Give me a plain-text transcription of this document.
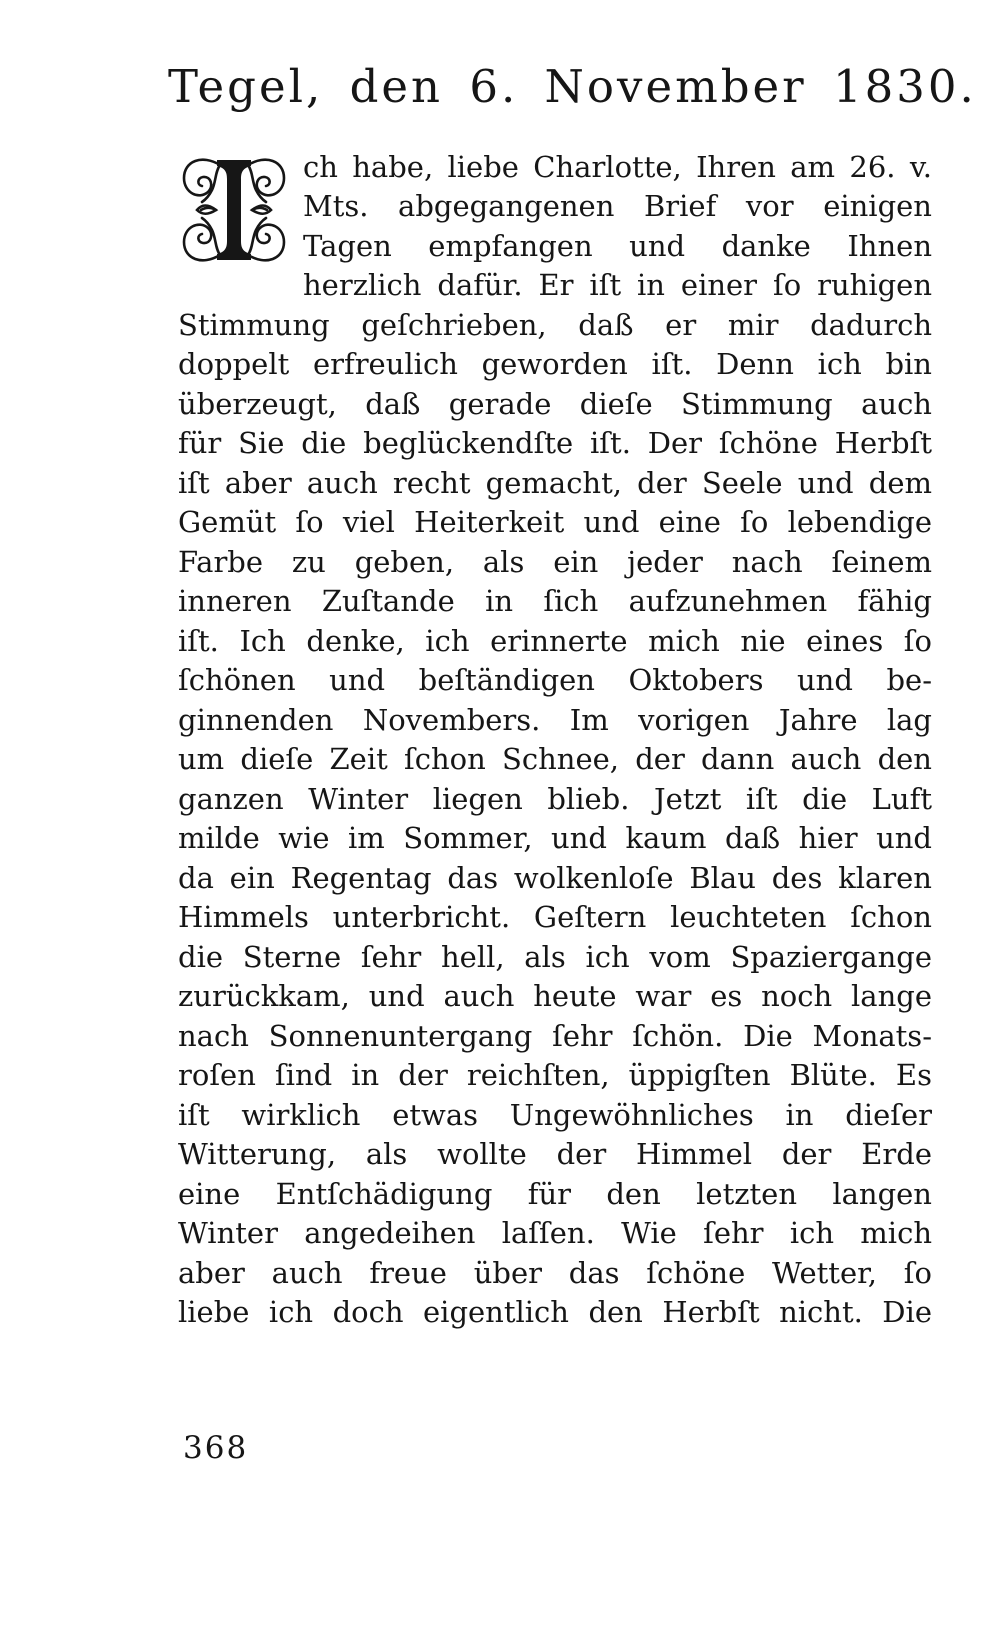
Tegel, den 6. November 1830.
ch habe, liebe Charlotte, Ihren am 26. v.
Mts. abgegangenen Brief vor einigen
Tagen empfangen und danke Ihnen
herzlich dafür. Er iſt in einer ſo ruhigen
Stimmung geſchrieben, daß er mir dadurch
doppelt erfreulich geworden iſt. Denn ich bin
überzeugt, daß gerade dieſe Stimmung auch
für Sie die beglückendſte iſt. Der ſchöne Herbſt
iſt aber auch recht gemacht, der Seele und dem
Gemüt ſo viel Heiterkeit und eine ſo lebendige
Farbe zu geben, als ein jeder nach ſeinem
inneren Zuſtande in ſich aufzunehmen fähig
iſt. Ich denke, ich erinnerte mich nie eines ſo
ſchönen und beſtändigen Oktobers und be-
ginnenden Novembers. Im vorigen Jahre lag
um dieſe Zeit ſchon Schnee, der dann auch den
ganzen Winter liegen blieb. Jetzt iſt die Luft
milde wie im Sommer, und kaum daß hier und
da ein Regentag das wolkenloſe Blau des klaren
Himmels unterbricht. Geſtern leuchteten ſchon
die Sterne ſehr hell, als ich vom Spaziergange
zurückkam, und auch heute war es noch lange
nach Sonnenuntergang ſehr ſchön. Die Monats-
roſen ſind in der reichſten, üppigſten Blüte. Es
iſt wirklich etwas Ungewöhnliches in dieſer
Witterung, als wollte der Himmel der Erde
eine Entſchädigung für den letzten langen
Winter angedeihen laſſen. Wie ſehr ich mich
aber auch freue über das ſchöne Wetter, ſo
liebe ich doch eigentlich den Herbſt nicht. Die
368
